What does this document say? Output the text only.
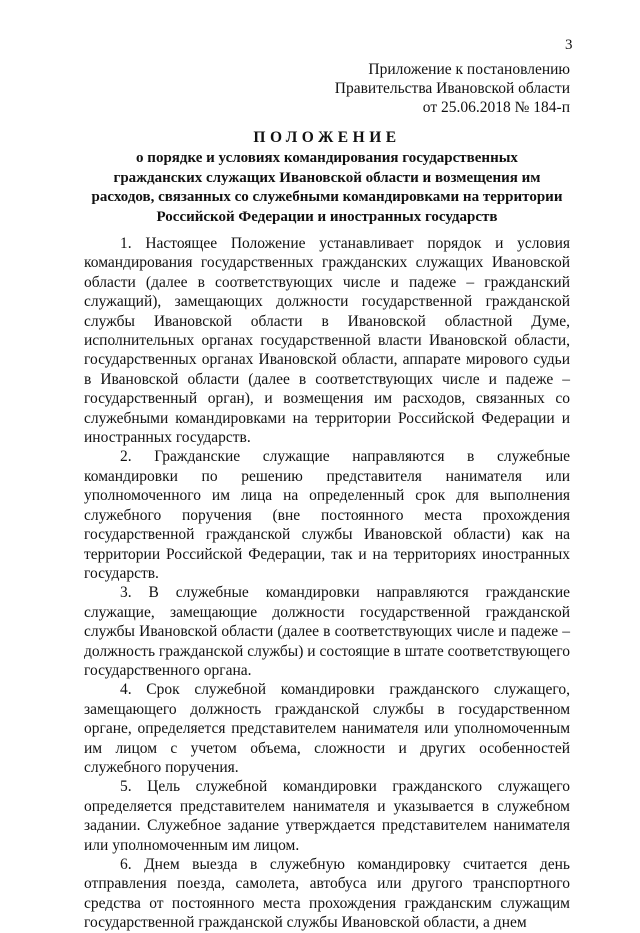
3
Приложение к постановлению
Правительства Ивановской области
от 25.06.2018 № 184-п
ПОЛОЖЕНИЕ
о порядке и условиях командирования государственных
гражданских служащих Ивановской области и возмещения им
расходов, связанных со служебными командировками на территории
Российской Федерации и иностранных государств

1. Настоящее Положение устанавливает порядок и условия командирования государственных гражданских служащих Ивановской области (далее в соответствующих числе и падеже – гражданский служащий), замещающих должности государственной гражданской службы Ивановской области в Ивановской областной Думе, исполнительных органах государственной власти Ивановской области, государственных органах Ивановской области, аппарате мирового судьи в Ивановской области (далее в соответствующих числе и падеже – государственный орган), и возмещения им расходов, связанных со служебными командировками на территории Российской Федерации и иностранных государств.

2. Гражданские служащие направляются в служебные командировки по решению представителя нанимателя или уполномоченного им лица на определенный срок для выполнения служебного поручения (вне постоянного места прохождения государственной гражданской службы Ивановской области) как на территории Российской Федерации, так и на территориях иностранных государств.

3. В служебные командировки направляются гражданские служащие, замещающие должности государственной гражданской службы Ивановской области (далее в соответствующих числе и падеже – должность гражданской службы) и состоящие в штате соответствующего государственного органа.

4. Срок служебной командировки гражданского служащего, замещающего должность гражданской службы в государственном органе, определяется представителем нанимателя или уполномоченным им лицом с учетом объема, сложности и других особенностей служебного поручения.

5. Цель служебной командировки гражданского служащего определяется представителем нанимателя и указывается в служебном задании. Служебное задание утверждается представителем нанимателя или уполномоченным им лицом.

6. Днем выезда в служебную командировку считается день отправления поезда, самолета, автобуса или другого транспортного средства от постоянного места прохождения гражданским служащим государственной гражданской службы Ивановской области, а днем
